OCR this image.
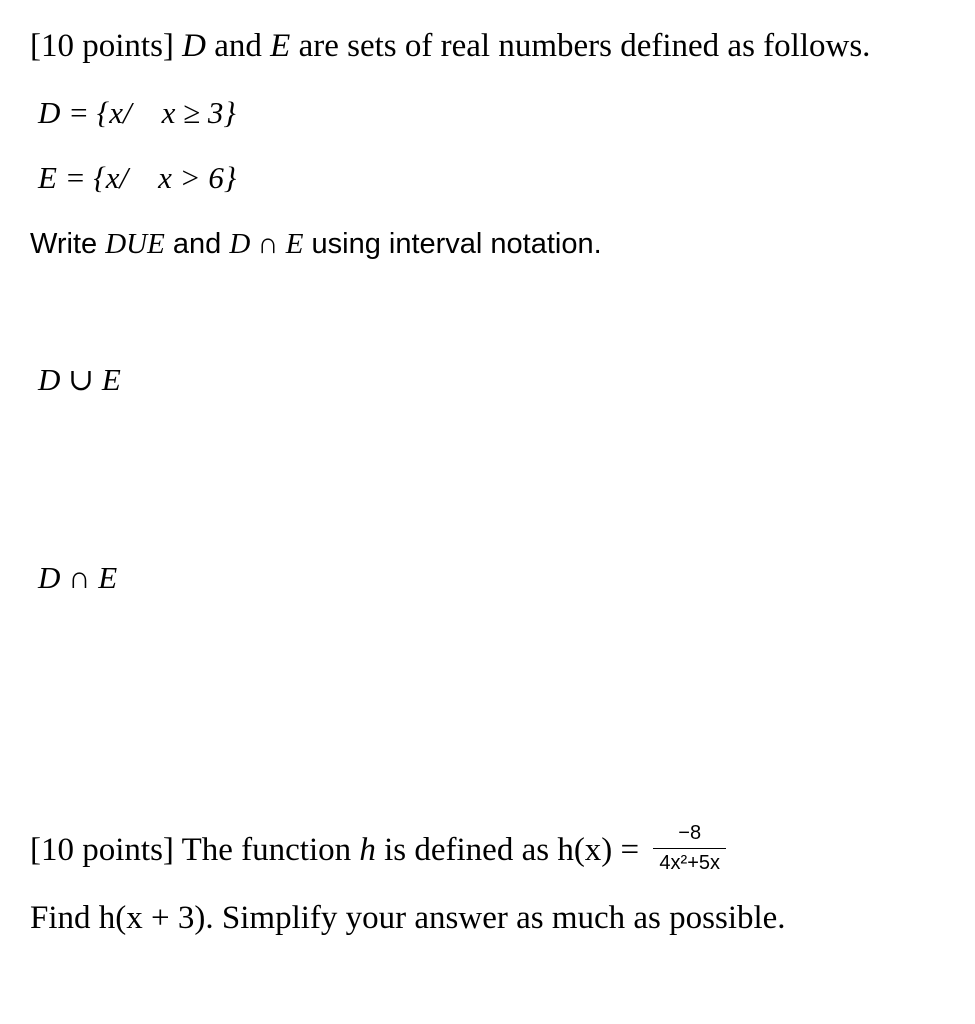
[10 points] D and E are sets of real numbers defined as follows.
D = {x/ x ≥ 3}
E = {x/ x > 6}
Write DUE and D ∩ E using interval notation.
D ∪ E
D ∩ E
[10 points] The function h is defined as $h(x) = \frac{-8}{\text{4x²+5x}}$
Find h(x + 3). Simplify your answer as much as possible.
